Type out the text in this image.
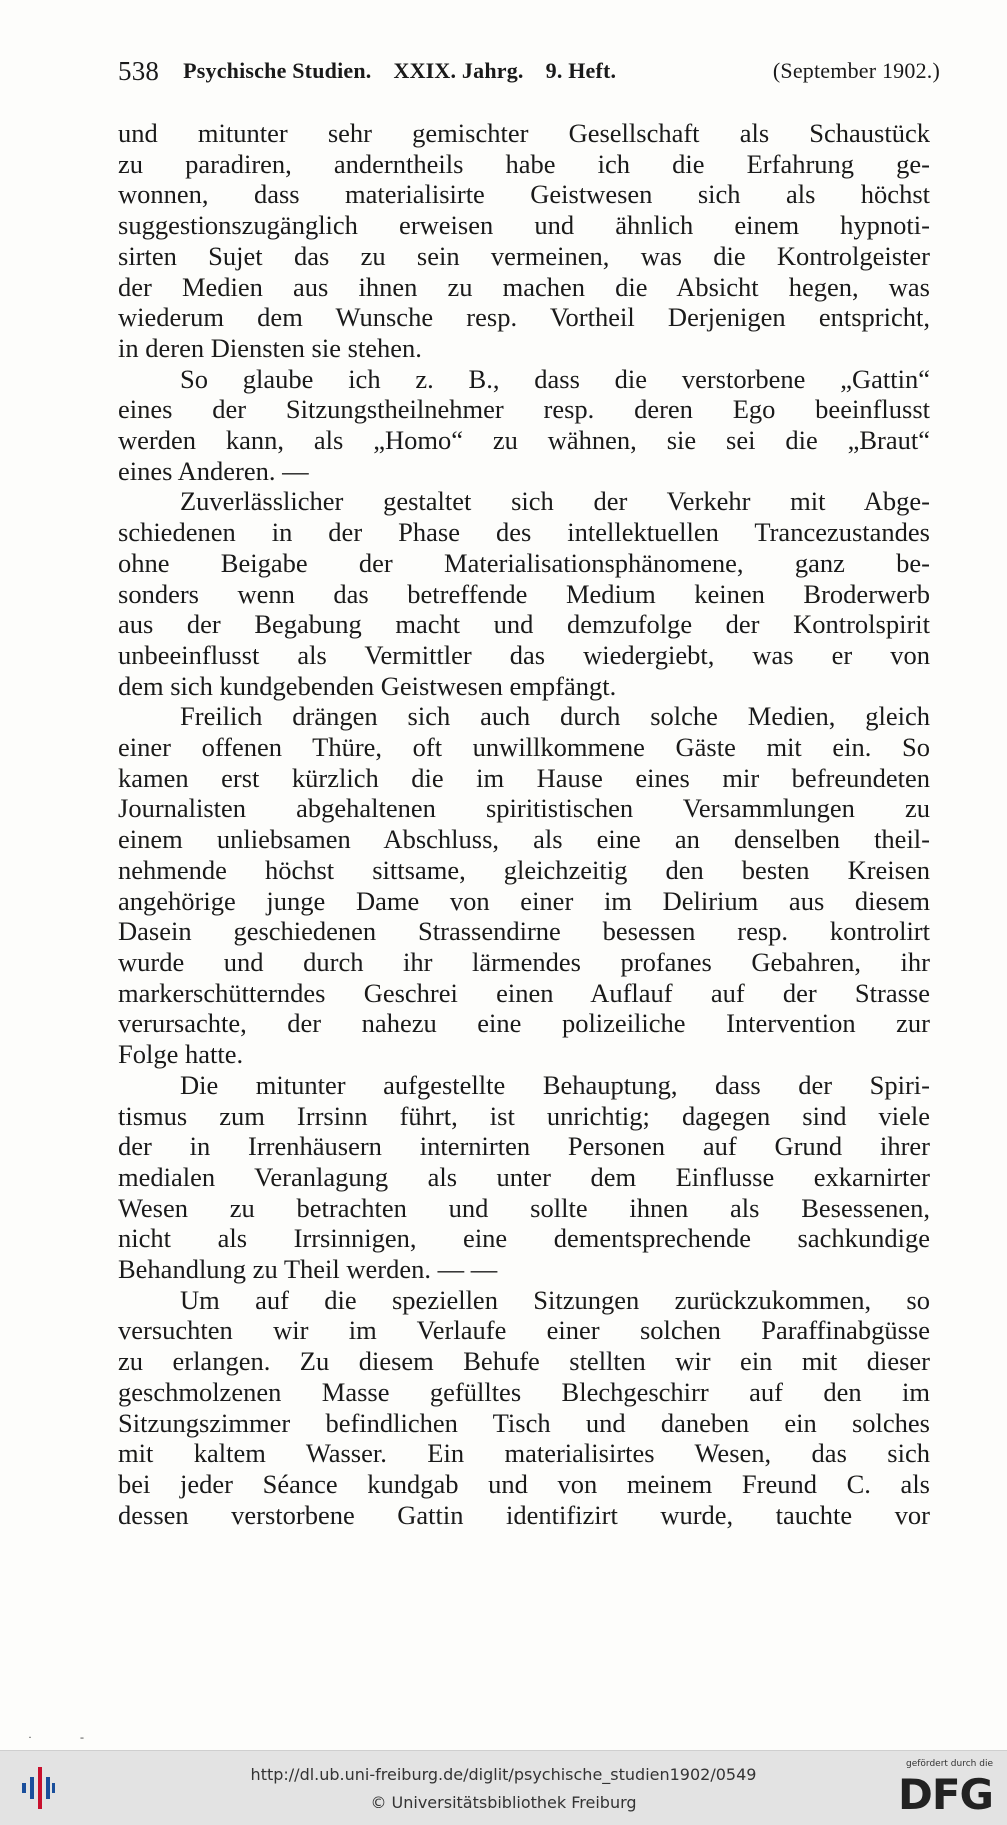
538 Psychische Studien. XXIX. Jahrg. 9. Heft.	(September 1902.)

und mitunter sehr gemischter Gesellschaft als Schaustück
zu paradiren, anderntheils habe ich die Erfahrung ge-
wonnen, dass materialisirte Geistwesen sich als höchst
suggestionszugänglich erweisen und ähnlich einem hypnoti-
sirten Sujet das zu sein vermeinen, was die Kontrolgeister
der Medien aus ihnen zu machen die Absicht hegen, was
wiederum dem Wunsche resp. Vortheil Derjenigen entspricht,
in deren Diensten sie stehen.

So glaube ich z. B., dass die verstorbene „Gattin“
eines der Sitzungstheilnehmer resp. deren Ego beeinflusst
werden kann, als „Homo“ zu wähnen, sie sei die „Braut“
eines Anderen. —

Zuverlässlicher gestaltet sich der Verkehr mit Abge-
schiedenen in der Phase des intellektuellen Trancezustandes
ohne Beigabe der Materialisationsphänomene, ganz be-
sonders wenn das betreffende Medium keinen Broderwerb
aus der Begabung macht und demzufolge der Kontrolspirit
unbeeinflusst als Vermittler das wiedergiebt, was er von
dem sich kundgebenden Geistwesen empfängt.

Freilich drängen sich auch durch solche Medien, gleich
einer offenen Thüre, oft unwillkommene Gäste mit ein. So
kamen erst kürzlich die im Hause eines mir befreundeten
Journalisten abgehaltenen spiritistischen Versammlungen zu
einem unliebsamen Abschluss, als eine an denselben theil-
nehmende höchst sittsame, gleichzeitig den besten Kreisen
angehörige junge Dame von einer im Delirium aus diesem
Dasein geschiedenen Strassendirne besessen resp. kontrolirt
wurde und durch ihr lärmendes profanes Gebahren, ihr
markerschütterndes Geschrei einen Auflauf auf der Strasse
verursachte, der nahezu eine polizeiliche Intervention zur
Folge hatte.

Die mitunter aufgestellte Behauptung, dass der Spiri-
tismus zum Irrsinn führt, ist unrichtig; dagegen sind viele
der in Irrenhäusern internirten Personen auf Grund ihrer
medialen Veranlagung als unter dem Einflusse exkarnirter
Wesen zu betrachten und sollte ihnen als Besessenen,
nicht als Irrsinnigen, eine dementsprechende sachkundige
Behandlung zu Theil werden. — —

Um auf die speziellen Sitzungen zurückzukommen, so
versuchten wir im Verlaufe einer solchen Paraffinabgüsse
zu erlangen. Zu diesem Behufe stellten wir ein mit dieser
geschmolzenen Masse gefülltes Blechgeschirr auf den im
Sitzungszimmer befindlichen Tisch und daneben ein solches
mit kaltem Wasser. Ein materialisirtes Wesen, das sich
bei jeder Séance kundgab und von meinem Freund C. als
dessen verstorbene Gattin identifizirt wurde, tauchte vor

·                ‐
http://dl.ub.uni-freiburg.de/diglit/psychische_studien1902/0549
© Universitätsbibliothek Freiburg
gefördert durch die
DFG
